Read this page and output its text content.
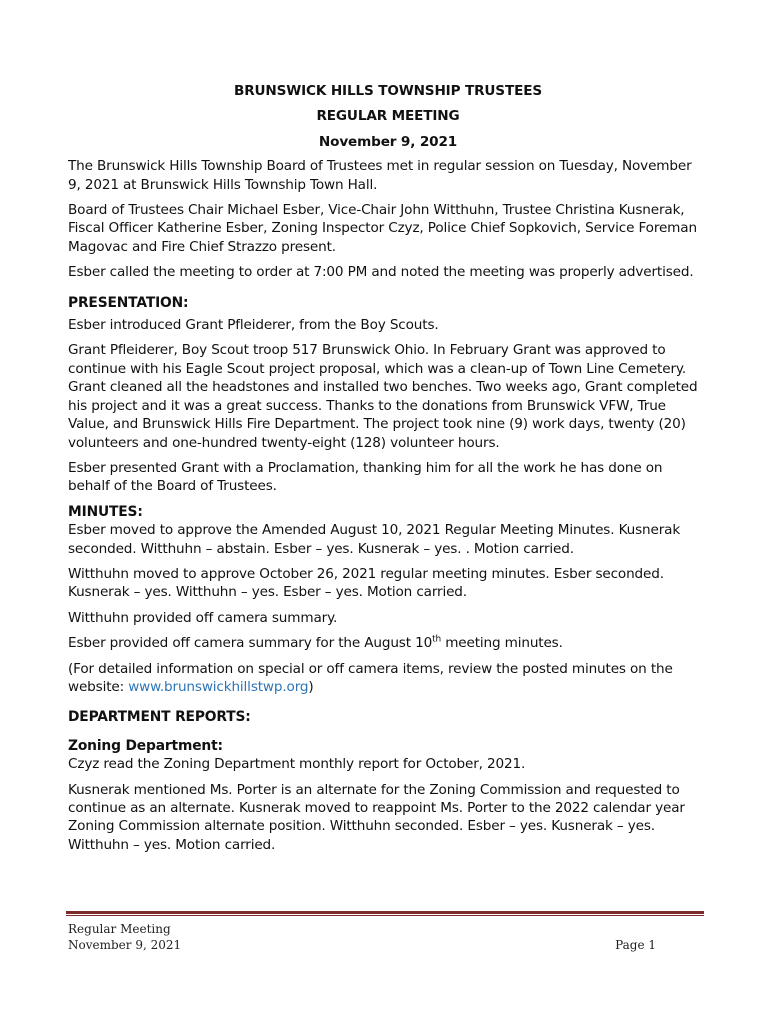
BRUNSWICK HILLS TOWNSHIP TRUSTEES
REGULAR MEETING
November 9, 2021

The Brunswick Hills Township Board of Trustees met in regular session on Tuesday, November 9, 2021 at Brunswick Hills Township Town Hall.

Board of Trustees Chair Michael Esber, Vice-Chair John Witthuhn, Trustee Christina Kusnerak, Fiscal Officer Katherine Esber, Zoning Inspector Czyz, Police Chief Sopkovich, Service Foreman Magovac and Fire Chief Strazzo present.

Esber called the meeting to order at 7:00 PM and noted the meeting was properly advertised.

PRESENTATION:

Esber introduced Grant Pfleiderer, from the Boy Scouts.

Grant Pfleiderer, Boy Scout troop 517 Brunswick Ohio. In February Grant was approved to continue with his Eagle Scout project proposal, which was a clean-up of Town Line Cemetery. Grant cleaned all the headstones and installed two benches. Two weeks ago, Grant completed his project and it was a great success. Thanks to the donations from Brunswick VFW, True Value, and Brunswick Hills Fire Department. The project took nine (9) work days, twenty (20) volunteers and one-hundred twenty-eight (128) volunteer hours.

Esber presented Grant with a Proclamation, thanking him for all the work he has done on behalf of the Board of Trustees.

MINUTES:

Esber moved to approve the Amended August 10, 2021 Regular Meeting Minutes. Kusnerak seconded. Witthuhn – abstain. Esber – yes. Kusnerak – yes. . Motion carried.

Witthuhn moved to approve October 26, 2021 regular meeting minutes. Esber seconded. Kusnerak – yes. Witthuhn – yes. Esber – yes. Motion carried.

Witthuhn provided off camera summary.

Esber provided off camera summary for the August 10th meeting minutes.

(For detailed information on special or off camera items, review the posted minutes on the website: www.brunswickhillstwp.org)

DEPARTMENT REPORTS:
Zoning Department:

Czyz read the Zoning Department monthly report for October, 2021.

Kusnerak mentioned Ms. Porter is an alternate for the Zoning Commission and requested to continue as an alternate. Kusnerak moved to reappoint Ms. Porter to the 2022 calendar year Zoning Commission alternate position. Witthuhn seconded. Esber – yes. Kusnerak – yes. Witthuhn – yes. Motion carried.

Regular Meeting
November 9, 2021	Page 1
